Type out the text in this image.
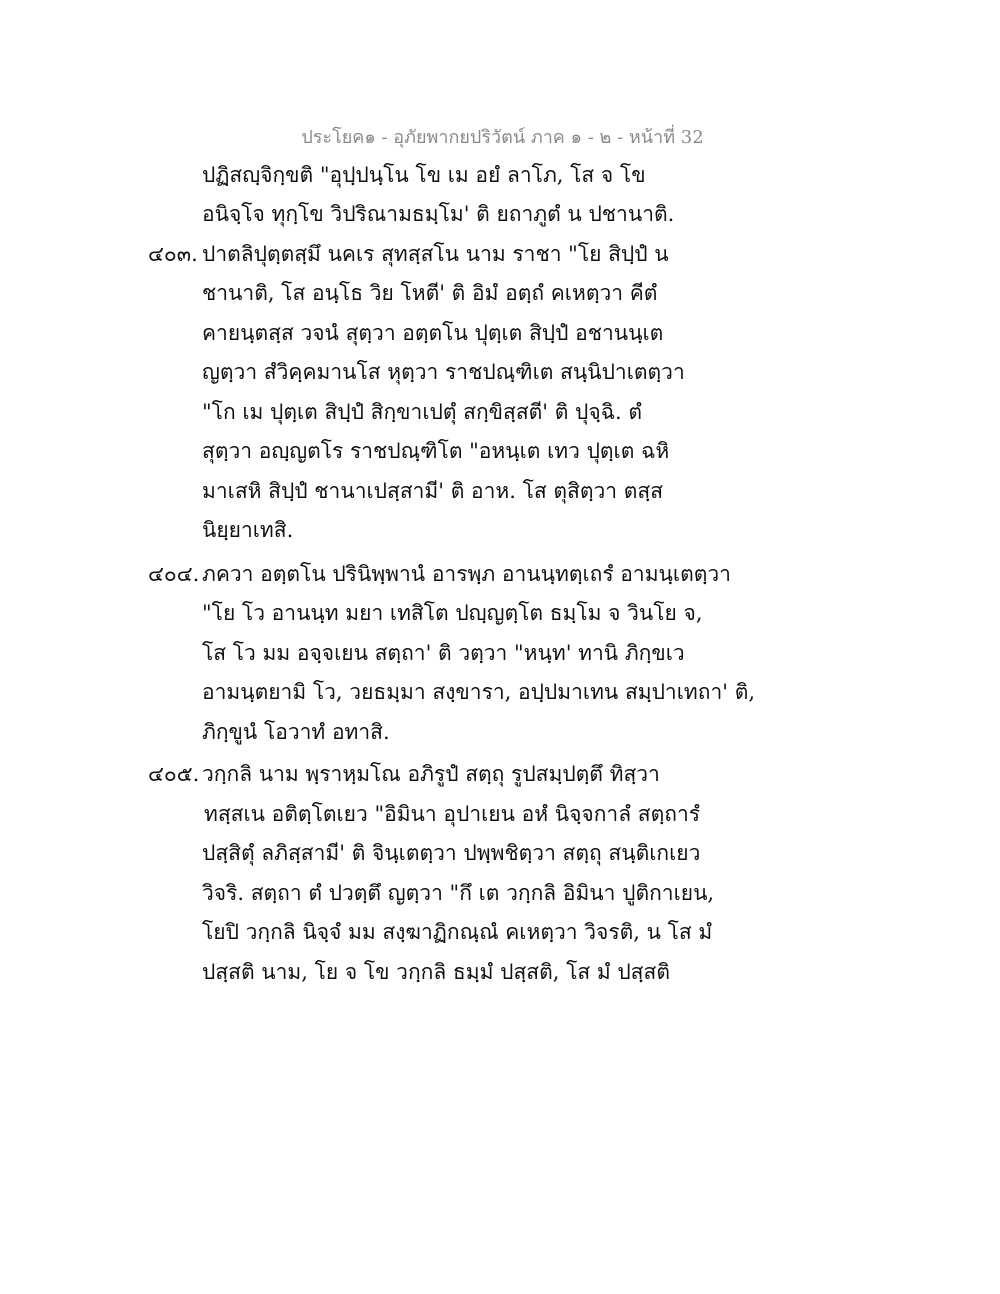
ประโยค๑ - อุภัยพากยปริวัตน์ ภาค ๑ - ๒ - หน้าที่ 32
ปฏิสญฺจิกฺขติ "อุปฺปนฺโน โข เม อยํ ลาโภ, โส จ โข
อนิจฺโจ ทุกฺโข วิปริณามธมฺโม' ติ ยถาภูตํ น ปชานาติ.
๔๐๓. ปาตลิปุตฺตสฺมึ นคเร สุทสฺสโน นาม ราชา "โย สิปฺปํ น
ชานาติ, โส อนฺโธ วิย โหตี' ติ อิมํ อตฺถํ คเหตฺวา คีตํ
คายนฺตสฺส วจนํ สุตฺวา อตฺตโน ปุตฺเต สิปฺปํ อชานนฺเต
ญตฺวา สํวิคฺคมานโส หุตฺวา ราชปณฺฑิเต สนฺนิปาเตตฺวา
"โก เม ปุตฺเต สิปฺปํ สิกฺขาเปตุํ สกฺขิสฺสตี' ติ ปุจฺฉิ. ตํ
สุตฺวา อญฺญตโร ราชปณฺฑิโต "อหนฺเต เทว ปุตฺเต ฉหิ
มาเสหิ สิปฺปํ ชานาเปสฺสามี' ติ อาห. โส ตุสิตฺวา ตสฺส
นิยฺยาเทสิ.
๔๐๔. ภควา อตฺตโน ปรินิพฺพานํ อารพฺภ อานนฺทตฺเถรํ อามนฺเตตฺวา
"โย โว อานนฺท มยา เทสิโต ปญฺญตฺโต ธมฺโม จ วินโย จ,
โส โว มม อจฺจเยน สตฺถา' ติ วตฺวา "หนฺท' ทานิ ภิกฺขเว
อามนฺตยามิ โว, วยธมฺมา สงฺขารา, อปฺปมาเทน สมฺปาเทถา' ติ,
ภิกฺขูนํ โอวาทํ อทาสิ.
๔๐๕. วกฺกลิ นาม พฺราหฺมโณ อภิรูปํ สตฺถุ รูปสมฺปตฺตึ ทิสฺวา
ทสฺสเน อติตฺโตเยว "อิมินา อุปาเยน อหํ นิจฺจกาลํ สตฺถารํ
ปสฺสิตุํ ลภิสฺสามี' ติ จินฺเตตฺวา ปพฺพชิตฺวา สตฺถุ สนฺติเกเยว
วิจริ. สตฺถา ตํ ปวตฺตึ ญตฺวา "กึ เต วกฺกลิ อิมินา ปูติกาเยน,
โยปิ วกฺกลิ นิจฺจํ มม สงฺฆาฏิกณฺณํ คเหตฺวา วิจรติ, น โส มํ
ปสฺสติ นาม, โย จ โข วกฺกลิ ธมฺมํ ปสฺสติ, โส มํ ปสฺสติ
